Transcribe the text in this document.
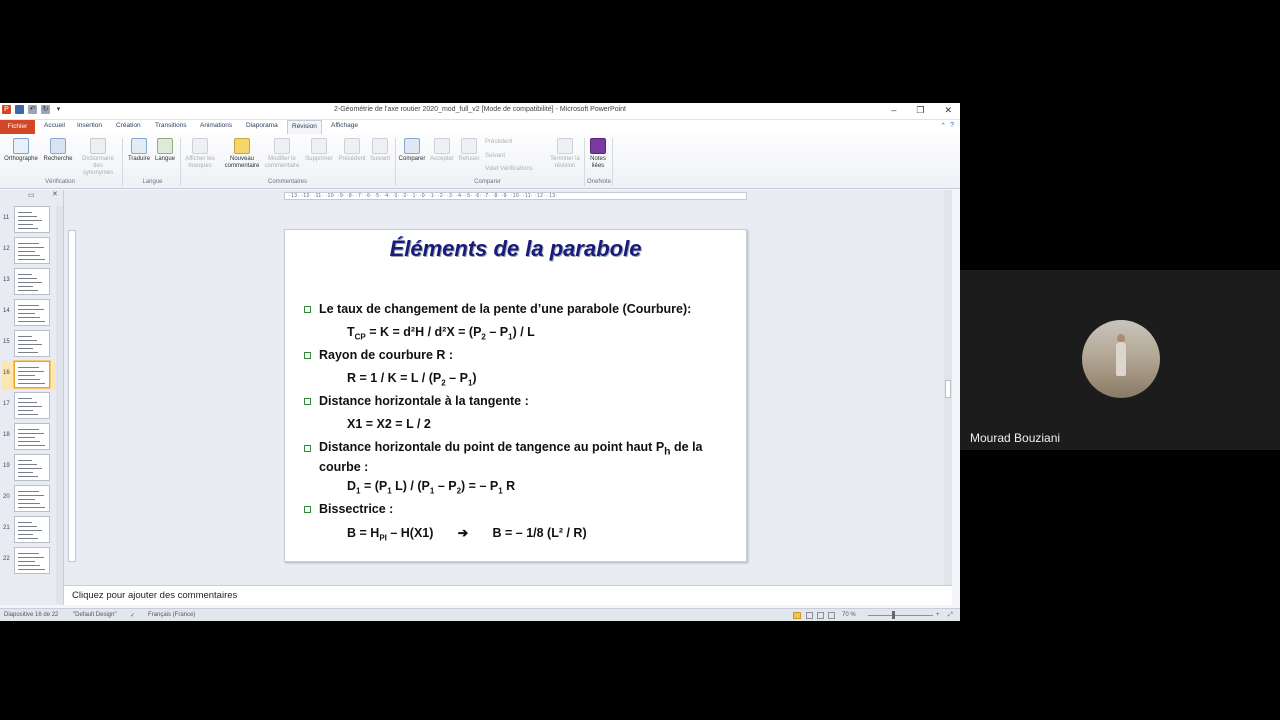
P	↶ ↻	▾	2-Géométrie de l'axe routier 2020_mod_full_v2 [Mode de compatibilité] - Microsoft PowerPoint	– ❐ ✕
Fichier	Accueil Insertion Création Transitions Animations Diaporama	Révision	Affichage	⌃ ?
Orthographe Recherche	Dictionnaire des synonymes
Vérification
Traduire Langue
Langue
Afficher les marques
Nouveau commentaire
Modifier le commentaire
Supprimer Précédent Suivant
Commentaires
Comparer Accepter Refuser
Précédent
Suivant
Volet Vérifications
Terminer la révision
Comparer
Notes liées
OneNote
▭ ✕
11
12
13
14
15
16
17
18
19
20
21
22
·13· ·12· ·11· ·10· ·9· ·8· ·7· ·6· ·5· ·4· ·3· ·2· ·1· ·0· ·1· ·2· ·3· ·4· ·5· ·6· ·7· ·8· ·9· ·10· ·11· ·12· ·13·
Éléments de la parabole
Le taux de changement de la pente d’une parabole (Courbure):
$T_{CP} = K = d^2H / d^2X = (P_2 - P_1) / L$
Rayon de courbure R :
$R = 1 / K = L / (P_2 - P_1)$
Distance horizontale à la tangente :
X1 = X2 = L / 2
Distance horizontale du point de tangence au point haut $P_h$ de la courbe :
$D_1 = (P_1$ $L) / (P_1 - P_2)$ = – $P_1$ R
Bissectrice :
$B = H_{PI} - H(X1)$       ➔       B = – 1/8 (L² / R)
Cliquez pour ajouter des commentaires
Diapositive 16 de 22 "Default Design" ✓ Français (France)	70 %	+ ⤢
Mourad Bouziani
